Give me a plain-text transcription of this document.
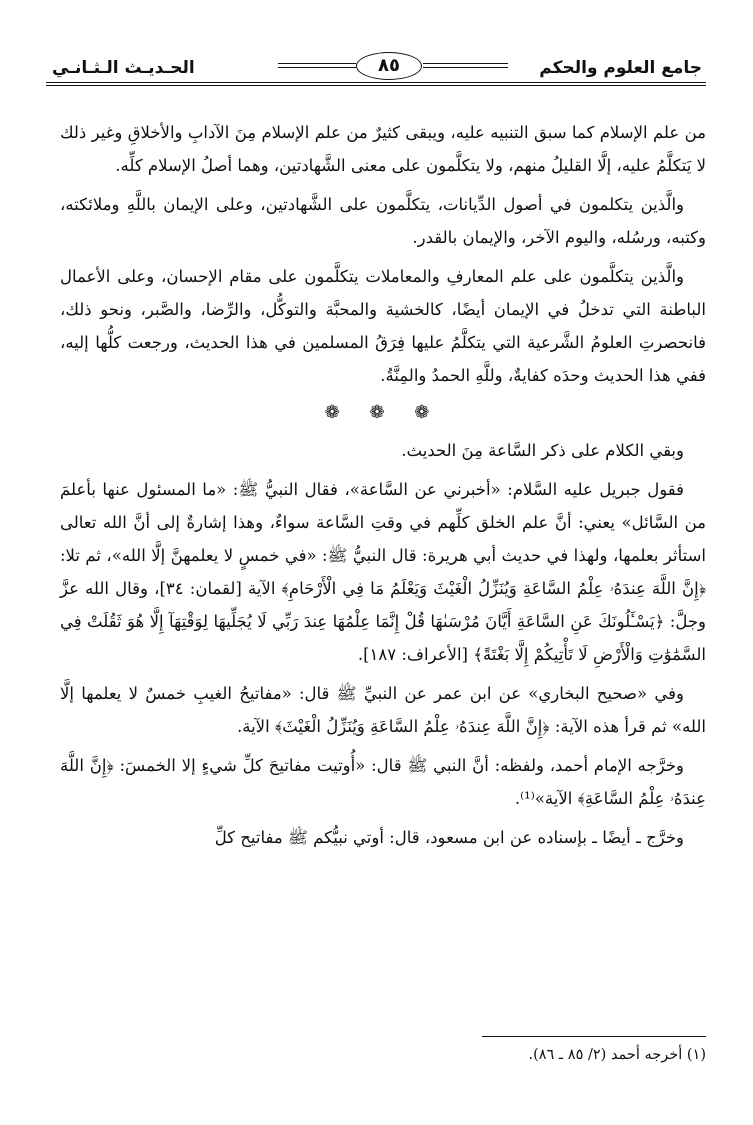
جامع العلوم والحكم
٨٥
الحـديـث الـثـانـي

من علم الإسلام كما سبق التنبيه عليه، ويبقى كثيرٌ من علم الإسلام مِنَ الآدابِ والأخلاقِ وغير ذلك لا يَتكلَّمُ عليه، إلَّا القليلُ منهم، ولا يتكلَّمون على معنى الشَّهادتين، وهما أصلُ الإسلام كلِّه.

والَّذين يتكلمون في أصول الدِّيانات، يتكلَّمون على الشَّهادتين، وعلى الإيمان باللَّهِ وملائكته، وكتبه، ورسُله، واليوم الآخر، والإيمان بالقدر.

والَّذين يتكلَّمون على علم المعارفِ والمعاملات يتكلَّمون على مقام الإحسان، وعلى الأعمال الباطنة التي تدخلُ في الإيمان أيضًا، كالخشية والمحبَّة والتوكُّل، والرِّضا، والصَّبر، ونحو ذلك، فانحصرتِ العلومُ الشَّرعية التي يتكلَّمُ عليها فِرَقُ المسلمين في هذا الحديث، ورجعت كلُّها إليه، ففي هذا الحديث وحدَه كفايةٌ، وللَّهِ الحمدُ والمِنَّةُ.

❁ ❁ ❁

وبقي الكلام على ذكر السَّاعة مِنَ الحديث.

فقول جبريل عليه السَّلام: «أخبرني عن السَّاعة»، فقال النبيُّ ﷺ: «ما المسئول عنها بأعلمَ من السَّائل» يعني: أنَّ علم الخلق كلِّهم في وقتِ السَّاعة سواءٌ، وهذا إشارةٌ إلى أنَّ الله تعالى استأثر بعلمها، ولهذا في حديث أبي هريرة: قال النبيُّ ﷺ: «في خمسٍ لا يعلمهنَّ إلَّا الله»، ثم تلا: ﴿إِنَّ اللَّهَ عِندَهُۥ عِلْمُ السَّاعَةِ وَيُنَزِّلُ الْغَيْثَ وَيَعْلَمُ مَا فِي الْأَرْحَامِ﴾ الآية [لقمان: ٣٤]، وقال الله عزَّ وجلَّ: ﴿يَسْـَٔلُونَكَ عَنِ السَّاعَةِ أَيَّانَ مُرْسَىٰهَا قُلْ إِنَّمَا عِلْمُهَا عِندَ رَبِّي لَا يُجَلِّيهَا لِوَقْتِهَآ إِلَّا هُوَ ثَقُلَتْ فِي السَّمَٰوَٰتِ وَالْأَرْضِ لَا تَأْتِيكُمْ إِلَّا بَغْتَةً﴾ [الأعراف: ١٨٧].

وفي «صحيح البخاري» عن ابن عمر عن النبيِّ ﷺ قال: «مفاتيحُ الغيبِ خمسٌ لا يعلمها إلَّا الله» ثم قرأ هذه الآية: ﴿إِنَّ اللَّهَ عِندَهُۥ عِلْمُ السَّاعَةِ وَيُنَزِّلُ الْغَيْثَ﴾ الآية.

وخرَّجه الإمام أحمد، ولفظه: أنَّ النبي ﷺ قال: «أُوتيت مفاتيحَ كلِّ شيءٍ إلا الخمسَ: ﴿إِنَّ اللَّهَ عِندَهُۥ عِلْمُ السَّاعَةِ﴾ الآية»⁽¹⁾.

وخرَّج ـ أيضًا ـ بإسناده عن ابن مسعود، قال: أوتي نبيُّكم ﷺ مفاتيح كلِّ

(١) أخرجه أحمد (٢/ ٨٥ ـ ٨٦).
